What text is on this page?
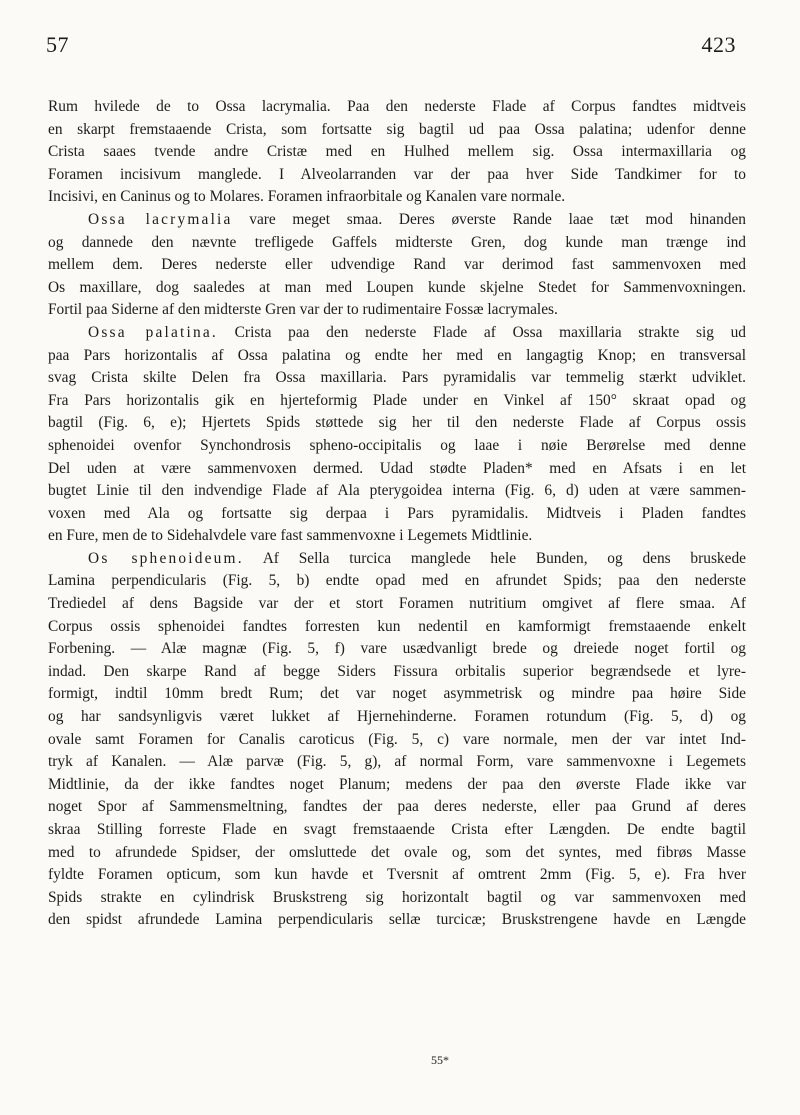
57	423
Rum hvilede de to Ossa lacrymalia. Paa den nederste Flade af Corpus fandtes midtveis
en skarpt fremstaaende Crista, som fortsatte sig bagtil ud paa Ossa palatina; udenfor denne
Crista saaes tvende andre Cristæ med en Hulhed mellem sig. Ossa intermaxillaria og
Foramen incisivum manglede. I Alveolarranden var der paa hver Side Tandkimer for to
Incisivi, en Caninus og to Molares. Foramen infraorbitale og Kanalen vare normale.
Ossa lacrymalia vare meget smaa. Deres øverste Rande laae tæt mod hinanden
og dannede den nævnte trefligede Gaffels midterste Gren, dog kunde man trænge ind
mellem dem. Deres nederste eller udvendige Rand var derimod fast sammenvoxen med
Os maxillare, dog saaledes at man med Loupen kunde skjelne Stedet for Sammenvoxningen.
Fortil paa Siderne af den midterste Gren var der to rudimentaire Fossæ lacrymales.
Ossa palatina. Crista paa den nederste Flade af Ossa maxillaria strakte sig ud
paa Pars horizontalis af Ossa palatina og endte her med en langagtig Knop; en transversal
svag Crista skilte Delen fra Ossa maxillaria. Pars pyramidalis var temmelig stærkt udviklet.
Fra Pars horizontalis gik en hjerteformig Plade under en Vinkel af 150° skraat opad og
bagtil (Fig. 6, e); Hjertets Spids støttede sig her til den nederste Flade af Corpus ossis
sphenoidei ovenfor Synchondrosis spheno-occipitalis og laae i nøie Berørelse med denne
Del uden at være sammenvoxen dermed. Udad stødte Pladen* med en Afsats i en let
bugtet Linie til den indvendige Flade af Ala pterygoidea interna (Fig. 6, d) uden at være sammen-
voxen med Ala og fortsatte sig derpaa i Pars pyramidalis. Midtveis i Pladen fandtes
en Fure, men de to Sidehalvdele vare fast sammenvoxne i Legemets Midtlinie.
Os sphenoideum. Af Sella turcica manglede hele Bunden, og dens bruskede
Lamina perpendicularis (Fig. 5, b) endte opad med en afrundet Spids; paa den nederste
Trediedel af dens Bagside var der et stort Foramen nutritium omgivet af flere smaa. Af
Corpus ossis sphenoidei fandtes forresten kun nedentil en kamformigt fremstaaende enkelt
Forbening. — Alæ magnæ (Fig. 5, f) vare usædvanligt brede og dreiede noget fortil og
indad. Den skarpe Rand af begge Siders Fissura orbitalis superior begrændsede et lyre-
formigt, indtil 10mm bredt Rum; det var noget asymmetrisk og mindre paa høire Side
og har sandsynligvis været lukket af Hjernehinderne. Foramen rotundum (Fig. 5, d) og
ovale samt Foramen for Canalis caroticus (Fig. 5, c) vare normale, men der var intet Ind-
tryk af Kanalen. — Alæ parvæ (Fig. 5, g), af normal Form, vare sammenvoxne i Legemets
Midtlinie, da der ikke fandtes noget Planum; medens der paa den øverste Flade ikke var
noget Spor af Sammensmeltning, fandtes der paa deres nederste, eller paa Grund af deres
skraa Stilling forreste Flade en svagt fremstaaende Crista efter Længden. De endte bagtil
med to afrundede Spidser, der omsluttede det ovale og, som det syntes, med fibrøs Masse
fyldte Foramen opticum, som kun havde et Tversnit af omtrent 2mm (Fig. 5, e). Fra hver
Spids strakte en cylindrisk Bruskstreng sig horizontalt bagtil og var sammenvoxen med
den spidst afrundede Lamina perpendicularis sellæ turcicæ; Bruskstrengene havde en Længde
55*
